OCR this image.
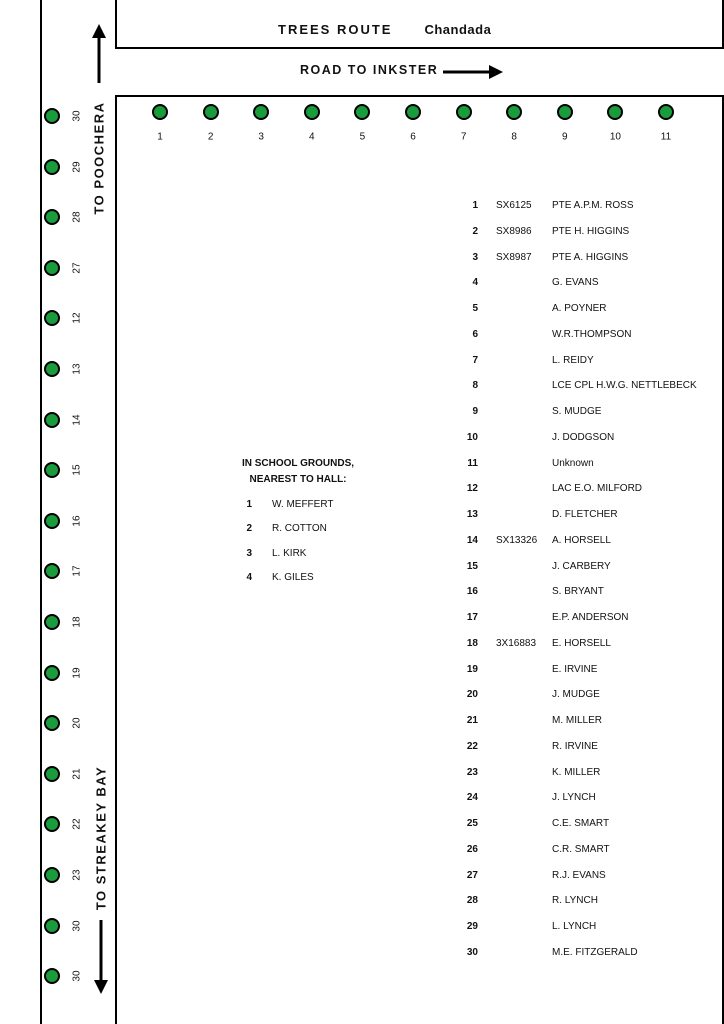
TREES ROUTE Chandada
ROAD TO INKSTER
TO POOCHERA
TO STREAKEY BAY
1	2	3	4	5	6	7	8	9	10	11
30
29
28
27
12
13
14
15
16
17
18
19
20
21
22
23
30
30
IN SCHOOL GROUNDS,
NEAREST TO HALL:
1 W. MEFFERT
2 R. COTTON
3 L. KIRK
4 K. GILES
1 SX6125 PTE A.P.M. ROSS
2 SX8986 PTE H. HIGGINS
3 SX8987 PTE A. HIGGINS
4	G. EVANS
5	A. POYNER
6	W.R.THOMPSON
7	L. REIDY
8	LCE CPL H.W.G. NETTLEBECK
9	S. MUDGE
10	J. DODGSON
11	Unknown
12	LAC E.O. MILFORD
13	D. FLETCHER
14 SX13326 A. HORSELL
15	J. CARBERY
16	S. BRYANT
17	E.P. ANDERSON
18 3X16883 E. HORSELL
19	E. IRVINE
20	J. MUDGE
21	M. MILLER
22	R. IRVINE
23	K. MILLER
24	J. LYNCH
25	C.E. SMART
26	C.R. SMART
27	R.J. EVANS
28	R. LYNCH
29	L. LYNCH
30	M.E. FITZGERALD
